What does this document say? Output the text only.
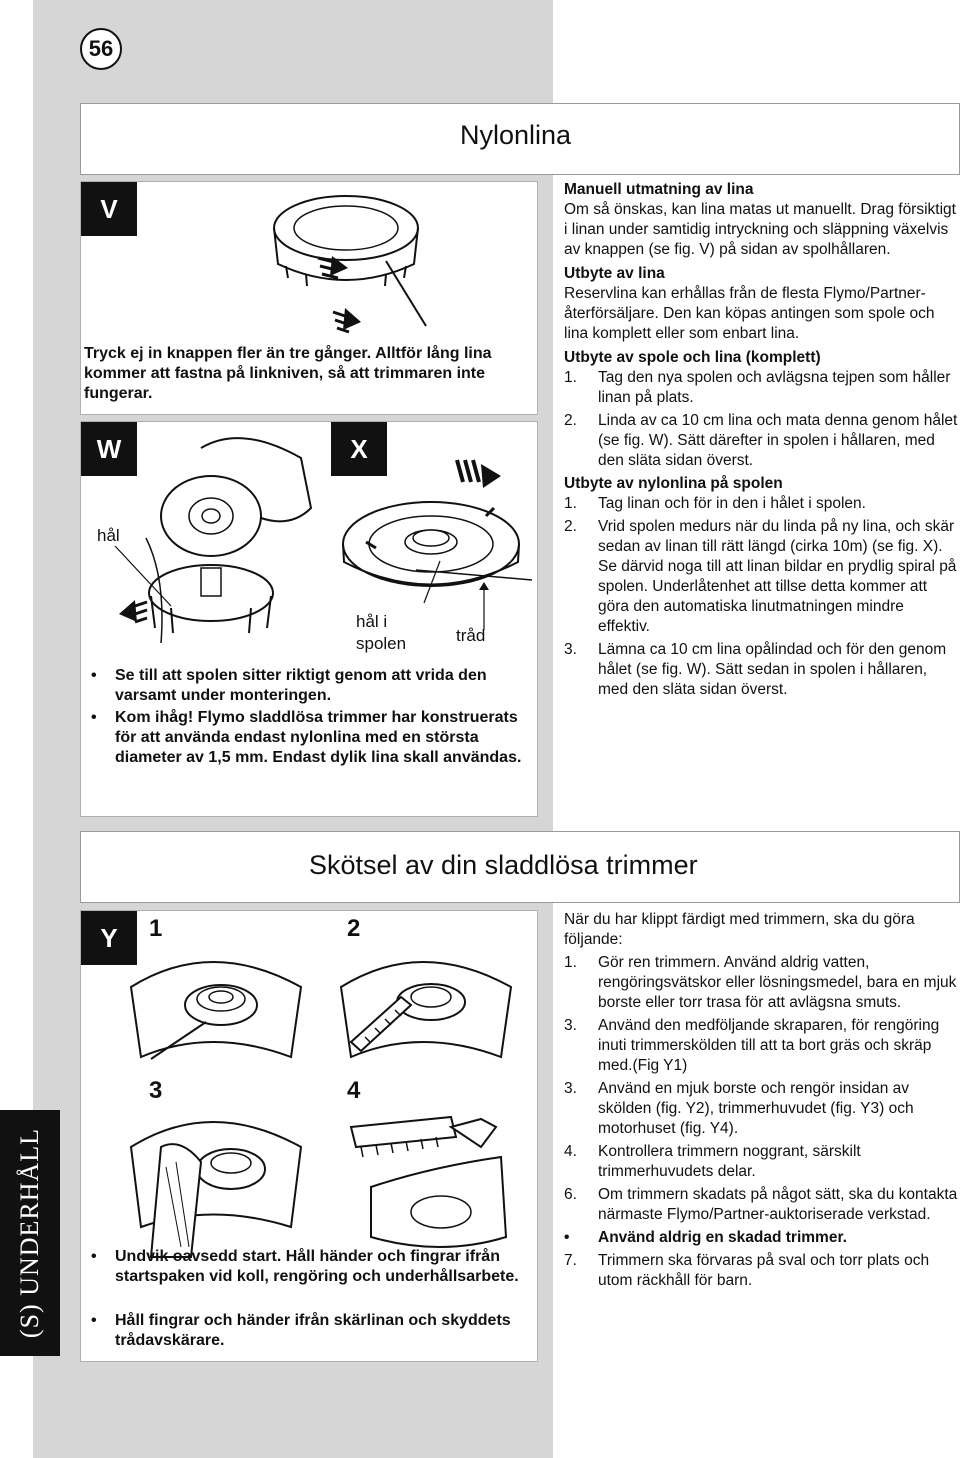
56
Nylonlina
V
Tryck ej in knappen fler än tre gånger. Alltför lång lina kommer att fastna på linkniven, så att trimmaren inte fungerar.
W	X
hål
hål i
spolen	tråd
• Se till att spolen sitter riktigt genom att vrida den varsamt under monteringen.
• Kom ihåg! Flymo sladdlösa trimmer har konstruerats för att använda endast nylonlina med en största diameter av 1,5 mm. Endast dylik lina skall användas.
Manuell utmatning av lina
Om så önskas, kan lina matas ut manuellt. Drag försiktigt i linan under samtidig intryckning och släppning växelvis av knappen (se fig. V) på sidan av spolhållaren.
Utbyte av lina
Reservlina kan erhållas från de flesta Flymo/Partner-återförsäljare. Den kan köpas antingen som spole och lina komplett eller som enbart lina.
Utbyte av spole och lina (komplett)
1. Tag den nya spolen och avlägsna tejpen som håller linan på plats.
2. Linda av ca 10 cm lina och mata denna genom hålet (se fig. W). Sätt därefter in spolen i hållaren, med den släta sidan överst.
Utbyte av nylonlina på spolen
1. Tag linan och för in den i hålet i spolen.
2. Vrid spolen medurs när du linda på ny lina, och skär sedan av linan till rätt längd (cirka 10m) (se fig. X). Se därvid noga till att linan bildar en prydlig spiral på spolen. Underlåtenhet att tillse detta kommer att göra den automatiska linutmatningen mindre effektiv.
3. Lämna ca 10 cm lina opålindad och för den genom hålet (se fig. W). Sätt sedan in spolen i hållaren, med den släta sidan överst.
Skötsel av din sladdlösa trimmer
Y	1	2
3	4
• Undvik oavsedd start. Håll händer och fingrar ifrån startspaken vid koll, rengöring och underhållsarbete.
• Håll fingrar och händer ifrån skärlinan och skyddets trådavskärare.
När du har klippt färdigt med trimmern, ska du göra följande:
1. Gör ren trimmern. Använd aldrig vatten, rengöringsvätskor eller lösningsmedel, bara en mjuk borste eller torr trasa för att avlägsna smuts.
3. Använd den medföljande skraparen, för rengöring inuti trimmerskölden till att ta bort gräs och skräp med.(Fig Y1)
3. Använd en mjuk borste och rengör insidan av skölden (fig. Y2), trimmerhuvudet (fig. Y3) och motorhuset (fig. Y4).
4. Kontrollera trimmern noggrant, särskilt trimmerhuvudets delar.
6. Om trimmern skadats på något sätt, ska du kontakta närmaste Flymo/Partner-auktoriserade verkstad.
• Använd aldrig en skadad trimmer.
7. Trimmern ska förvaras på sval och torr plats och utom räckhåll för barn.
(S) UNDERHÅLL
